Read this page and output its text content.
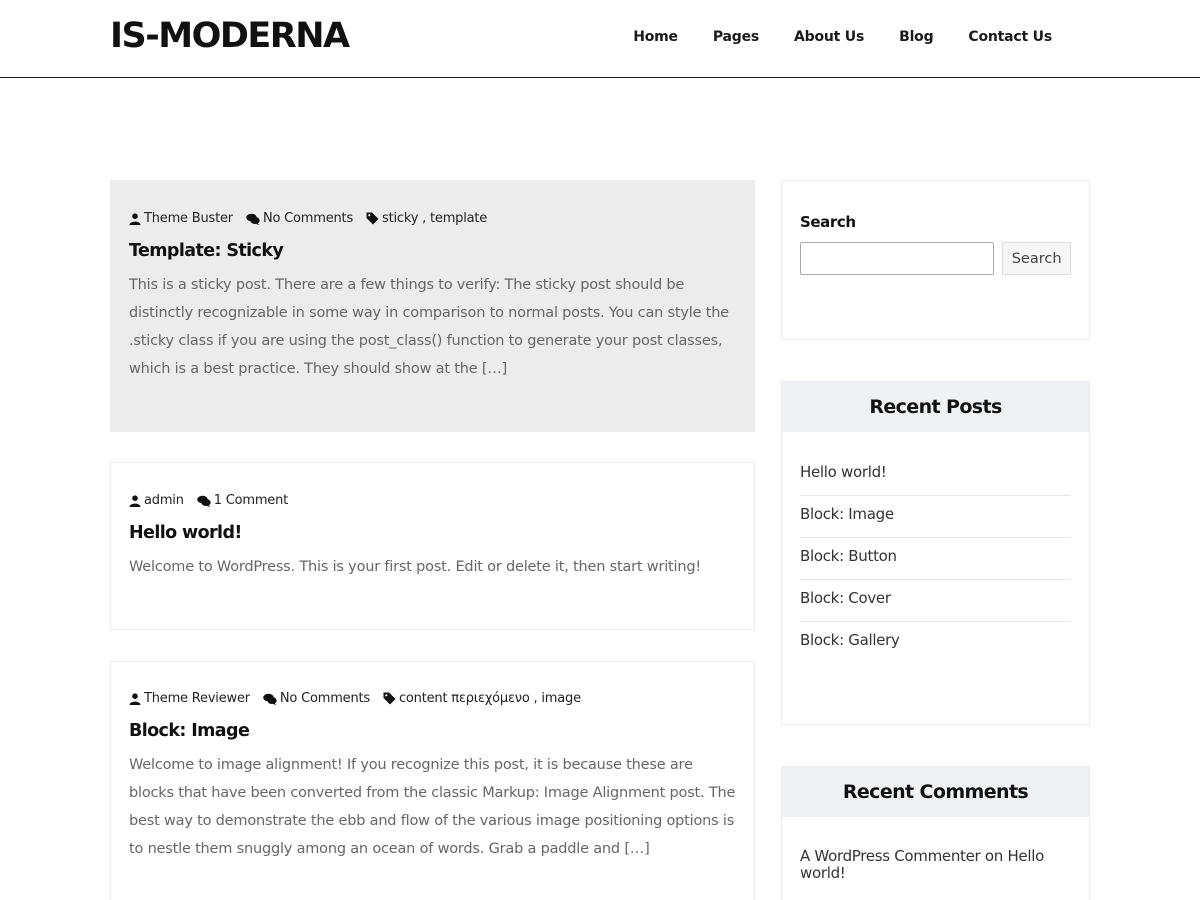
IS-MODERNA	Home	Pages	About Us	Blog	Contact Us
Theme Buster No Comments sticky , template
Template: Sticky

This is a sticky post. There are a few things to verify: The sticky post should be distinctly recognizable in some way in comparison to normal posts. You can style the .sticky class if you are using the post_class() function to generate your post classes, which is a best practice. They should show at the […]

admin 1 Comment
Hello world!

Welcome to WordPress. This is your first post. Edit or delete it, then start writing!

Theme Reviewer No Comments content περιεχόμενο , image
Block: Image

Welcome to image alignment! If you recognize this post, it is because these are blocks that have been converted from the classic Markup: Image Alignment post. The best way to demonstrate the ebb and flow of the various image positioning options is to nestle them snuggly among an ocean of words. Grab a paddle and […]

Search
Search
Recent Posts
Hello world!
Block: Image
Block: Button
Block: Cover
Block: Gallery
Recent Comments
A WordPress Commenter on Hello world!
